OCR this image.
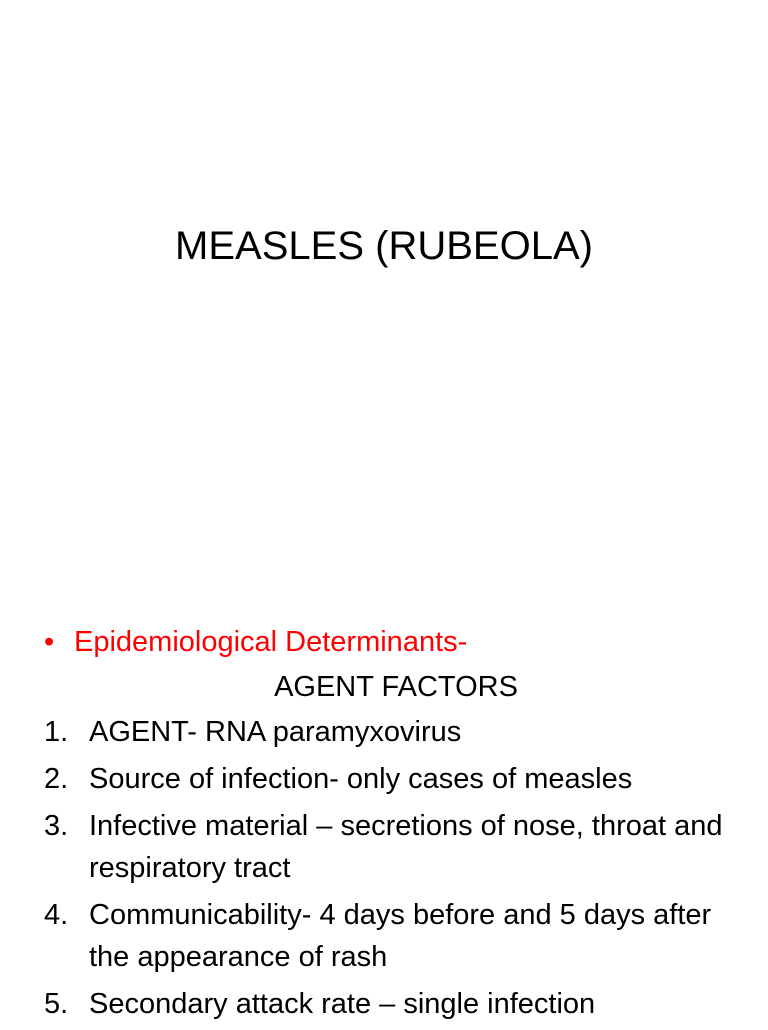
MEASLES (RUBEOLA)
• Epidemiological Determinants-
AGENT FACTORS
1. AGENT- RNA paramyxovirus
2. Source of infection- only cases of measles
3. Infective material – secretions of nose, throat and respiratory tract
4. Communicability- 4 days before and 5 days after the appearance of rash
5. Secondary attack rate – single infection
